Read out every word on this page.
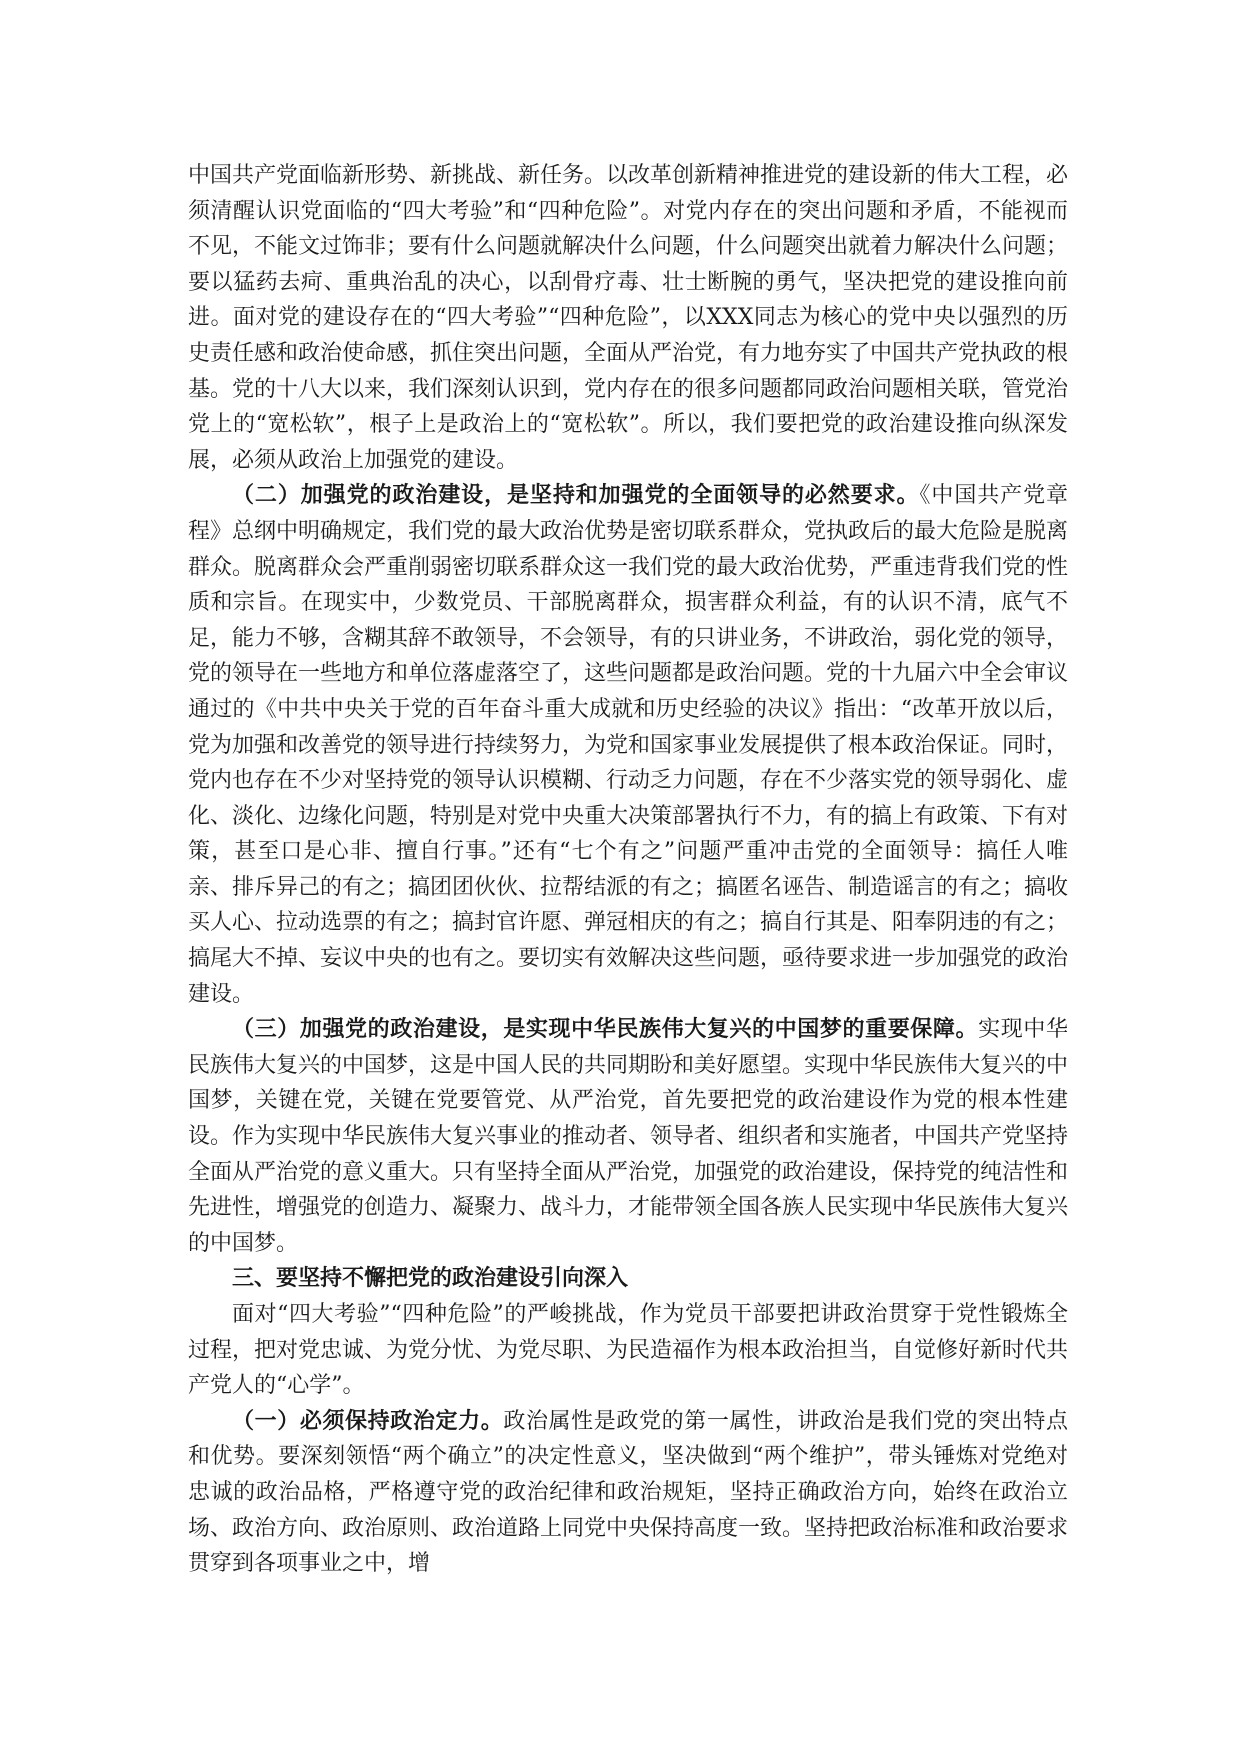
中国共产党面临新形势、新挑战、新任务。以改革创新精神推进党的建设新的伟大工程，必须清醒认识党面临的“四大考验”和“四种危险”。对党内存在的突出问题和矛盾，不能视而不见，不能文过饰非；要有什么问题就解决什么问题，什么问题突出就着力解决什么问题；要以猛药去疴、重典治乱的决心，以刮骨疗毒、壮士断腕的勇气，坚决把党的建设推向前进。面对党的建设存在的“四大考验”“四种危险”，以XXX同志为核心的党中央以强烈的历史责任感和政治使命感，抓住突出问题，全面从严治党，有力地夯实了中国共产党执政的根基。党的十八大以来，我们深刻认识到，党内存在的很多问题都同政治问题相关联，管党治党上的“宽松软”，根子上是政治上的“宽松软”。所以，我们要把党的政治建设推向纵深发展，必须从政治上加强党的建设。

（二）加强党的政治建设，是坚持和加强党的全面领导的必然要求。《中国共产党章程》总纲中明确规定，我们党的最大政治优势是密切联系群众，党执政后的最大危险是脱离群众。脱离群众会严重削弱密切联系群众这一我们党的最大政治优势，严重违背我们党的性质和宗旨。在现实中，少数党员、干部脱离群众，损害群众利益，有的认识不清，底气不足，能力不够，含糊其辞不敢领导，不会领导，有的只讲业务，不讲政治，弱化党的领导，党的领导在一些地方和单位落虚落空了，这些问题都是政治问题。党的十九届六中全会审议通过的《中共中央关于党的百年奋斗重大成就和历史经验的决议》指出：“改革开放以后，党为加强和改善党的领导进行持续努力，为党和国家事业发展提供了根本政治保证。同时，党内也存在不少对坚持党的领导认识模糊、行动乏力问题，存在不少落实党的领导弱化、虚化、淡化、边缘化问题，特别是对党中央重大决策部署执行不力，有的搞上有政策、下有对策，甚至口是心非、擅自行事。”还有“七个有之”问题严重冲击党的全面领导：搞任人唯亲、排斥异己的有之；搞团团伙伙、拉帮结派的有之；搞匿名诬告、制造谣言的有之；搞收买人心、拉动选票的有之；搞封官许愿、弹冠相庆的有之；搞自行其是、阳奉阴违的有之；搞尾大不掉、妄议中央的也有之。要切实有效解决这些问题，亟待要求进一步加强党的政治建设。

（三）加强党的政治建设，是实现中华民族伟大复兴的中国梦的重要保障。实现中华民族伟大复兴的中国梦，这是中国人民的共同期盼和美好愿望。实现中华民族伟大复兴的中国梦，关键在党，关键在党要管党、从严治党，首先要把党的政治建设作为党的根本性建设。作为实现中华民族伟大复兴事业的推动者、领导者、组织者和实施者，中国共产党坚持全面从严治党的意义重大。只有坚持全面从严治党，加强党的政治建设，保持党的纯洁性和先进性，增强党的创造力、凝聚力、战斗力，才能带领全国各族人民实现中华民族伟大复兴的中国梦。

三、要坚持不懈把党的政治建设引向深入

面对“四大考验”“四种危险”的严峻挑战，作为党员干部要把讲政治贯穿于党性锻炼全过程，把对党忠诚、为党分忧、为党尽职、为民造福作为根本政治担当，自觉修好新时代共产党人的“心学”。

（一）必须保持政治定力。政治属性是政党的第一属性，讲政治是我们党的突出特点和优势。要深刻领悟“两个确立”的决定性意义，坚决做到“两个维护”，带头锤炼对党绝对忠诚的政治品格，严格遵守党的政治纪律和政治规矩，坚持正确政治方向，始终在政治立场、政治方向、政治原则、政治道路上同党中央保持高度一致。坚持把政治标准和政治要求贯穿到各项事业之中，增
